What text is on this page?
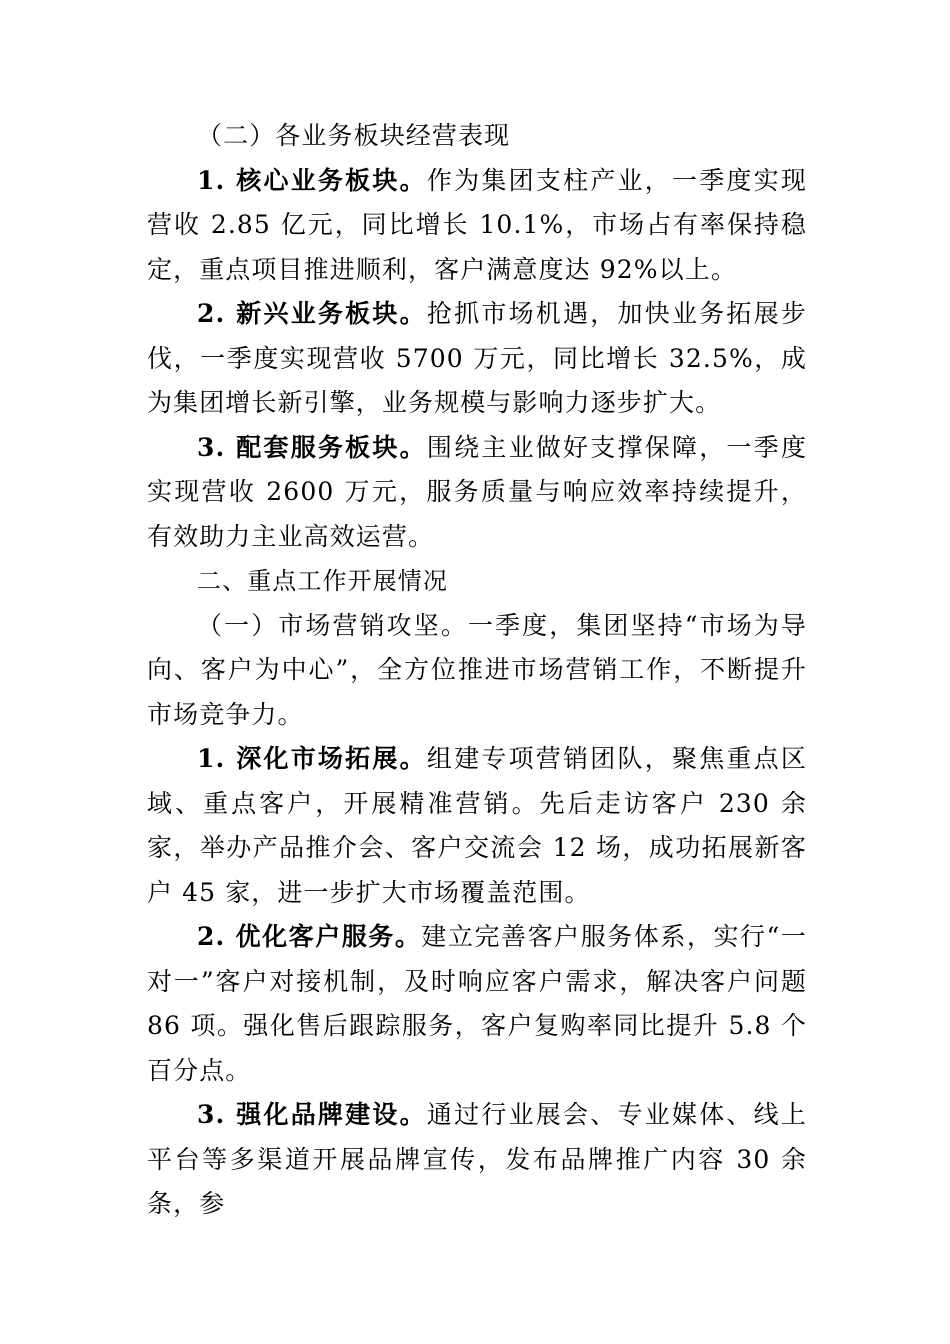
（二）各业务板块经营表现

1. 核心业务板块。作为集团支柱产业，一季度实现营收 2.85 亿元，同比增长 10.1%，市场占有率保持稳定，重点项目推进顺利，客户满意度达 92%以上。

2. 新兴业务板块。抢抓市场机遇，加快业务拓展步伐，一季度实现营收 5700 万元，同比增长 32.5%，成为集团增长新引擎，业务规模与影响力逐步扩大。

3. 配套服务板块。围绕主业做好支撑保障，一季度实现营收 2600 万元，服务质量与响应效率持续提升，有效助力主业高效运营。

二、重点工作开展情况

（一）市场营销攻坚。一季度，集团坚持“市场为导向、客户为中心”，全方位推进市场营销工作，不断提升市场竞争力。

1. 深化市场拓展。组建专项营销团队，聚焦重点区域、重点客户，开展精准营销。先后走访客户 230 余家，举办产品推介会、客户交流会 12 场，成功拓展新客户 45 家，进一步扩大市场覆盖范围。

2. 优化客户服务。建立完善客户服务体系，实行“一对一”客户对接机制，及时响应客户需求，解决客户问题 86 项。强化售后跟踪服务，客户复购率同比提升 5.8 个百分点。

3. 强化品牌建设。通过行业展会、专业媒体、线上平台等多渠道开展品牌宣传，发布品牌推广内容 30 余条，参
